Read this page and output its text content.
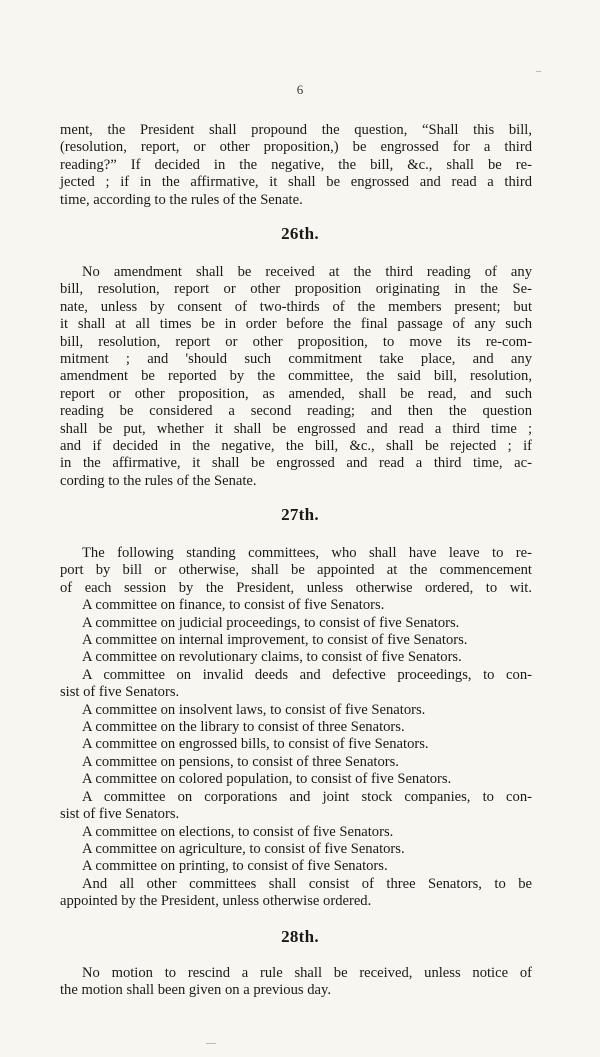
6
ment, the President shall propound the question, “Shall this bill,
(resolution, report, or other proposition,) be engrossed for a third
reading?” If decided in the negative, the bill, &c., shall be re-
jected ; if in the affirmative, it shall be engrossed and read a third
time, according to the rules of the Senate.
26th.
No amendment shall be received at the third reading of any
bill, resolution, report or other proposition originating in the Se-
nate, unless by consent of two-thirds of the members present; but
it shall at all times be in order before the final passage of any such
bill, resolution, report or other proposition, to move its re-com-
mitment ; and 'should such commitment take place, and any
amendment be reported by the committee, the said bill, resolution,
report or other proposition, as amended, shall be read, and such
reading be considered a second reading; and then the question
shall be put, whether it shall be engrossed and read a third time ;
and if decided in the negative, the bill, &c., shall be rejected ; if
in the affirmative, it shall be engrossed and read a third time, ac-
cording to the rules of the Senate.
27th.
The following standing committees, who shall have leave to re-
port by bill or otherwise, shall be appointed at the commencement
of each session by the President, unless otherwise ordered, to wit.
A committee on finance, to consist of five Senators.
A committee on judicial proceedings, to consist of five Senators.
A committee on internal improvement, to consist of five Senators.
A committee on revolutionary claims, to consist of five Senators.
A committee on invalid deeds and defective proceedings, to con-
sist of five Senators.
A committee on insolvent laws, to consist of five Senators.
A committee on the library to consist of three Senators.
A committee on engrossed bills, to consist of five Senators.
A committee on pensions, to consist of three Senators.
A committee on colored population, to consist of five Senators.
A committee on corporations and joint stock companies, to con-
sist of five Senators.
A committee on elections, to consist of five Senators.
A committee on agriculture, to consist of five Senators.
A committee on printing, to consist of five Senators.
And all other committees shall consist of three Senators, to be
appointed by the President, unless otherwise ordered.
28th.
No motion to rescind a rule shall be received, unless notice of
the motion shall been given on a previous day.
–
—
